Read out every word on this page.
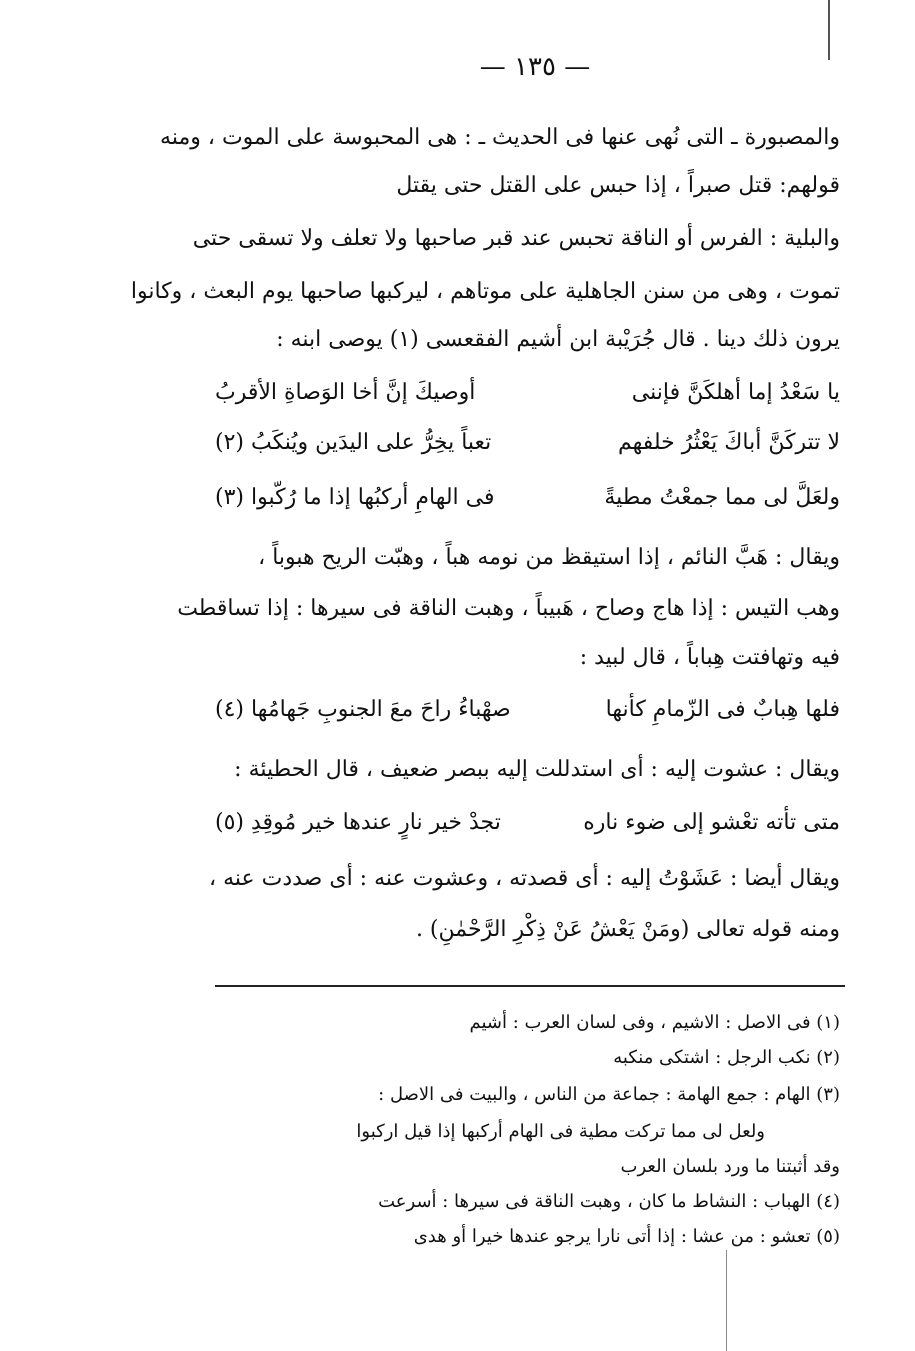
— ١٣٥ —
والمصبورة ـ التى نُهى عنها فى الحديث ـ : هى المحبوسة على الموت ، ومنه
قولهم: قتل صبراً ، إذا حبس على القتل حتى يقتل
والبلية : الفرس أو الناقة تحبس عند قبر صاحبها ولا تعلف ولا تسقى حتى
تموت ، وهى من سنن الجاهلية على موتاهم ، ليركبها صاحبها يوم البعث ، وكانوا
يرون ذلك دينا . قال جُرَيْبة ابن أشيم الفقعسى (١) يوصى ابنه :
يا سَعْدُ إما أهلكَنَّ فإننى
أوصيكَ إنَّ أخا الوَصاةِ الأقربُ
لا تتركَنَّ أباكَ يَعْثُرُ خلفهم
تعباً يخِرُّ على اليدَين ويُنكَبُ (٢)
ولعَلَّ لى مما جمعْتُ مطيةً
فى الهامِ أركبُها إذا ما رُكّبوا (٣)
ويقال : هَبَّ النائم ، إذا استيقظ من نومه هباً ، وهبّت الريح هبوباً ،
وهب التيس : إذا هاج وصاح ، هَبيباً ، وهبت الناقة فى سيرها : إذا تساقطت
فيه وتهافتت هِباباً ، قال لبيد :
فلها هِبابٌ فى الزّمامِ كأنها
صهْباءُ راحَ معَ الجنوبِ جَهامُها (٤)
ويقال : عشوت إليه : أى استدللت إليه ببصر ضعيف ، قال الحطيئة :
متى تأته تعْشو إلى ضوء ناره
تجدْ خير نارٍ عندها خير مُوقِدِ (٥)
ويقال أيضا : عَشَوْتُ إليه : أى قصدته ، وعشوت عنه : أى صددت عنه ،
ومنه قوله تعالى (ومَنْ يَعْشُ عَنْ ذِكْرِ الرَّحْمٰنِ) .
(١) فى الاصل : الاشيم ، وفى لسان العرب : أشيم
(٢) نكب الرجل : اشتكى منكبه
(٣) الهام : جمع الهامة : جماعة من الناس ، والبيت فى الاصل :
ولعل لى مما تركت مطية فى الهام أركبها إذا قيل اركبوا
وقد أثبتنا ما ورد بلسان العرب
(٤) الهباب : النشاط ما كان ، وهبت الناقة فى سيرها : أسرعت
(٥) تعشو : من عشا : إذا أتى نارا يرجو عندها خيرا أو هدى
